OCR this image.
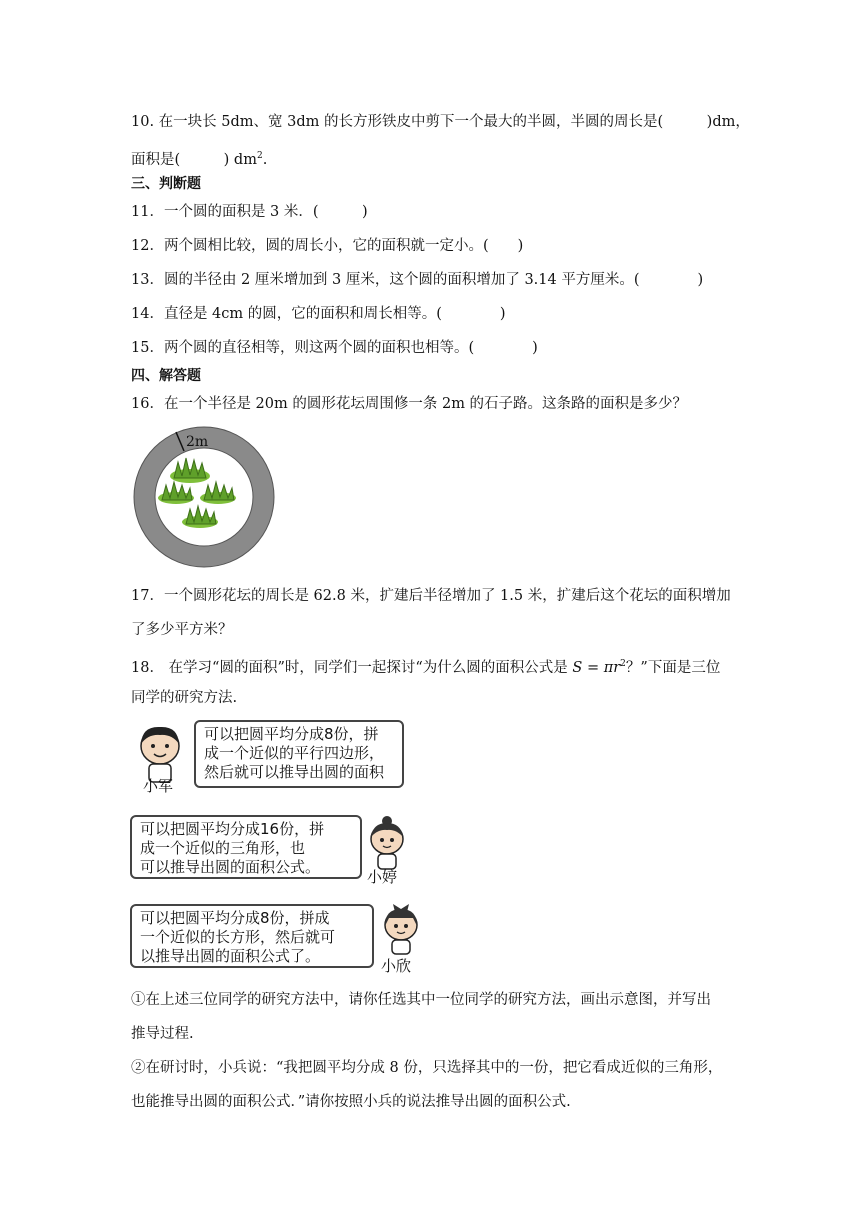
10. 在一块长 5dm、宽 3dm 的长方形铁皮中剪下一个最大的半圆，半圆的周长是(　　　)dm，
面积是(　　　) $dm^2$.
三、判断题
11．一个圆的面积是 3 米．(　　　)
12．两个圆相比较，圆的周长小，它的面积就一定小。(　　)
13．圆的半径由 2 厘米增加到 3 厘米，这个圆的面积增加了 3.14 平方厘米。(　　　　)
14．直径是 4cm 的圆，它的面积和周长相等。(　　　　)
15．两个圆的直径相等，则这两个圆的面积也相等。(　　　　)
四、解答题
16．在一个半径是 20m 的圆形花坛周围修一条 2m 的石子路。这条路的面积是多少？
2m
17．一个圆形花坛的周长是 62.8 米，扩建后半径增加了 1.5 米，扩建后这个花坛的面积增加
了多少平方米？
18． 在学习“圆的面积”时，同学们一起探讨“为什么圆的面积公式是 $S = \pi r^2$？”下面是三位
同学的研究方法.
小军
可以把圆平均分成8份，拼
成一个近似的平行四边形，
然后就可以推导出圆的面积
可以把圆平均分成16份，拼
成一个近似的三角形，也
可以推导出圆的面积公式。
小婷
可以把圆平均分成8份，拼成
一个近似的长方形，然后就可
以推导出圆的面积公式了。
小欣
①在上述三位同学的研究方法中，请你任选其中一位同学的研究方法，画出示意图，并写出
推导过程.
②在研讨时，小兵说：“我把圆平均分成 8 份，只选择其中的一份，把它看成近似的三角形，
也能推导出圆的面积公式．”请你按照小兵的说法推导出圆的面积公式.
